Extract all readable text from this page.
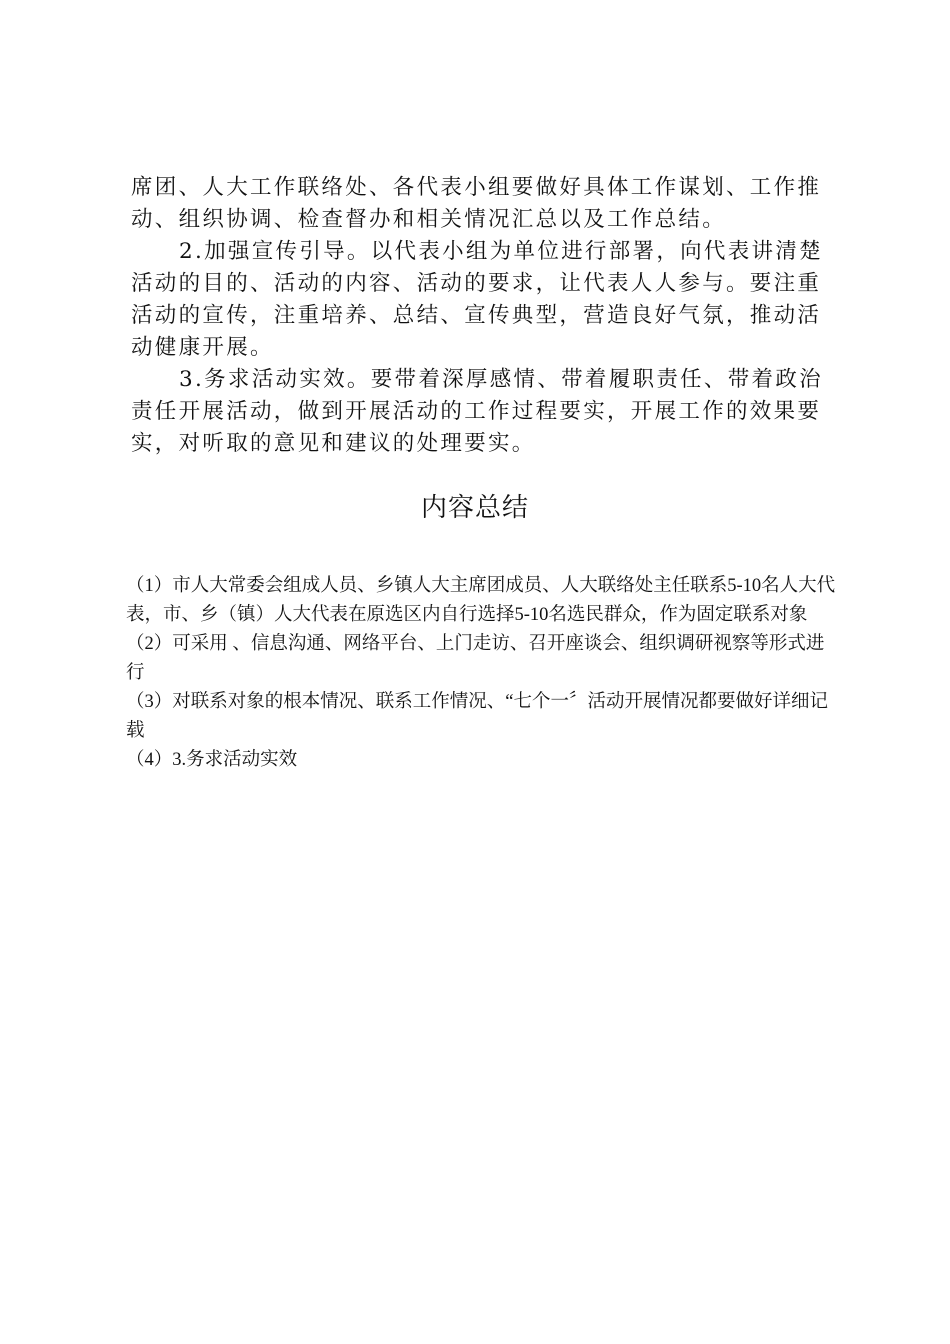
席团、人大工作联络处、各代表小组要做好具体工作谋划、工作推动、组织协调、检查督办和相关情况汇总以及工作总结。

2.加强宣传引导。以代表小组为单位进行部署，向代表讲清楚活动的目的、活动的内容、活动的要求，让代表人人参与。要注重活动的宣传，注重培养、总结、宣传典型，营造良好气氛，推动活动健康开展。

3.务求活动实效。要带着深厚感情、带着履职责任、带着政治责任开展活动，做到开展活动的工作过程要实，开展工作的效果要实，对听取的意见和建议的处理要实。

内容总结

（1）市人大常委会组成人员、乡镇人大主席团成员、人大联络处主任联系5-10名人大代表，市、乡（镇）人大代表在原选区内自行选择5-10名选民群众，作为固定联系对象

（2）可采用 、信息沟通、网络平台、上门走访、召开座谈会、组织调研视察等形式进行

（3）对联系对象的根本情况、联系工作情况、“七个一〞活动开展情况都要做好详细记载

（4）3.务求活动实效
